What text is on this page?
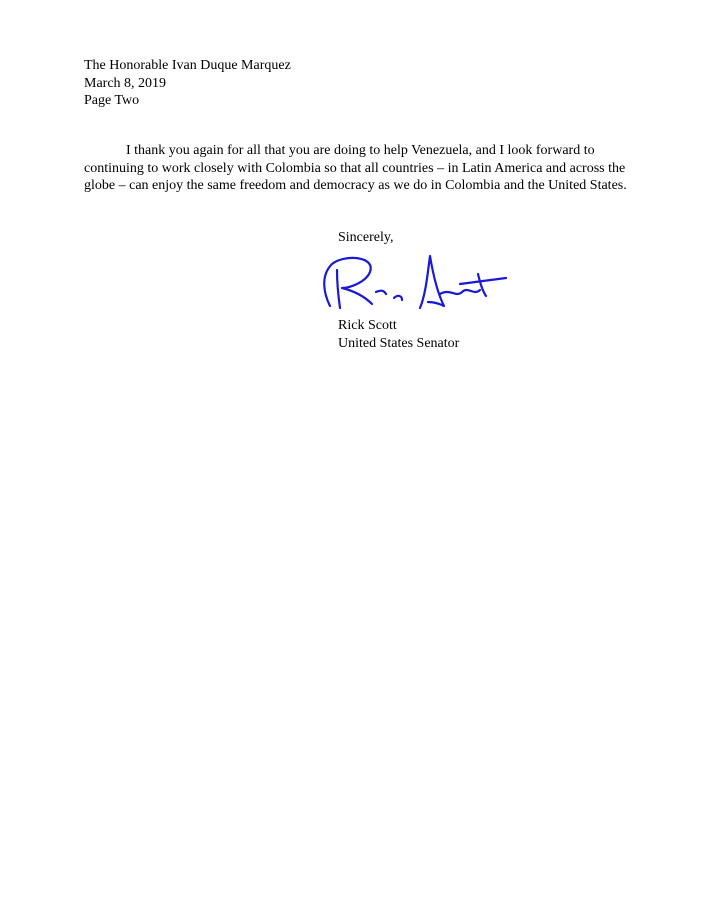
The Honorable Ivan Duque Marquez
March 8, 2019
Page Two

I thank you again for all that you are doing to help Venezuela, and I look forward to continuing to work closely with Colombia so that all countries – in Latin America and across the globe – can enjoy the same freedom and democracy as we do in Colombia and the United States.

Sincerely,
Rick Scott
United States Senator
